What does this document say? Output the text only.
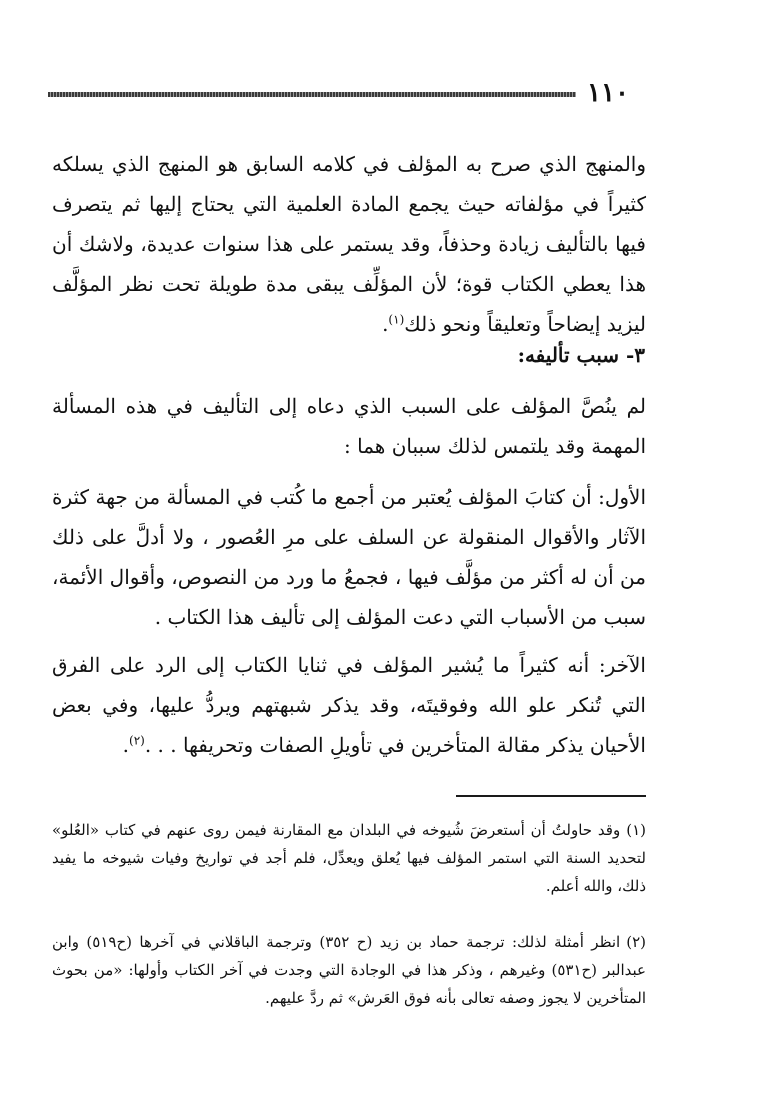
١١٠

والمنهج الذي صرح به المؤلف في كلامه السابق هو المنهج الذي يسلكه كثيراً في مؤلفاته حيث يجمع المادة العلمية التي يحتاج إليها ثم يتصرف فيها بالتأليف زيادة وحذفاً، وقد يستمر على هذا سنوات عديدة، ولاشك أن هذا يعطي الكتاب قوة؛ لأن المؤلِّف يبقى مدة طويلة تحت نظر المؤلَّف ليزيد إيضاحاً وتعليقاً ونحو ذلك$^{(١)}$.

٣- سبب تأليفه:

لم ينُصَّ المؤلف على السبب الذي دعاه إلى التأليف في هذه المسألة المهمة وقد يلتمس لذلك سببان هما :

الأول: أن كتابَ المؤلف يُعتبر من أجمع ما كُتب في المسألة من جهة كثرة الآثار والأقوال المنقولة عن السلف على مرِ العُصور ، ولا أدلَّ على ذلك من أن له أكثر من مؤلَّف فيها ، فجمعُ ما ورد من النصوص، وأقوال الأئمة، سبب من الأسباب التي دعت المؤلف إلى تأليف هذا الكتاب .

الآخر: أنه كثيراً ما يُشير المؤلف في ثنايا الكتاب إلى الرد على الفرق التي تُنكر علو الله وفوقيتَه، وقد يذكر شبهتهم ويردُّ عليها، وفي بعض الأحيان يذكر مقالة المتأخرين في تأويلِ الصفات وتحريفها . . .$^{(٢)}$.

(١)وقد حاولتُ أن أستعرضَ شُيوخه في البلدان مع المقارنة فيمن روى عنهم في كتاب «العُلو» لتحديد السنة التي استمر المؤلف فيها يُعلق ويعدِّل، فلم أجد في تواريخ وفيات شيوخه ما يفيد ذلك، والله أعلم.

(٢)انظر أمثلة لذلك: ترجمة حماد بن زيد (ح ٣٥٢) وترجمة الباقلاني في آخرها (ح٥١٩) وابن عبدالبر (ح٥٣١) وغيرهم ، وذكر هذا في الوجادة التي وجدت في آخر الكتاب وأولها: «من بحوث المتأخرين لا يجوز وصفه تعالى بأنه فوق العَرش» ثم ردَّ عليهم.
